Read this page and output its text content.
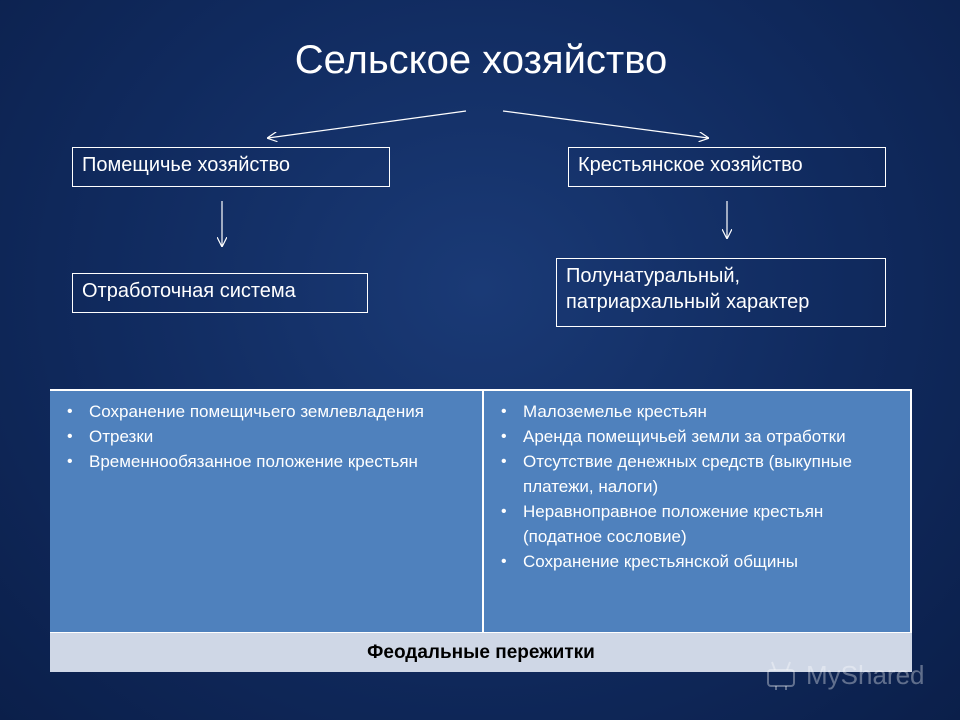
Сельское хозяйство
Помещичье хозяйство	Крестьянское хозяйство
Отработочная система
Полунатуральный,
патриархальный характер
• Сохранение помещичьего землевладения
• Отрезки
• Временнообязанное положение крестьян
• Малоземелье крестьян
• Аренда помещичьей земли за отработки
• Отсутствие денежных средств (выкупные платежи, налоги)
• Неравноправное положение крестьян (податное сословие)
• Сохранение крестьянской общины
Феодальные пережитки
MyShared
